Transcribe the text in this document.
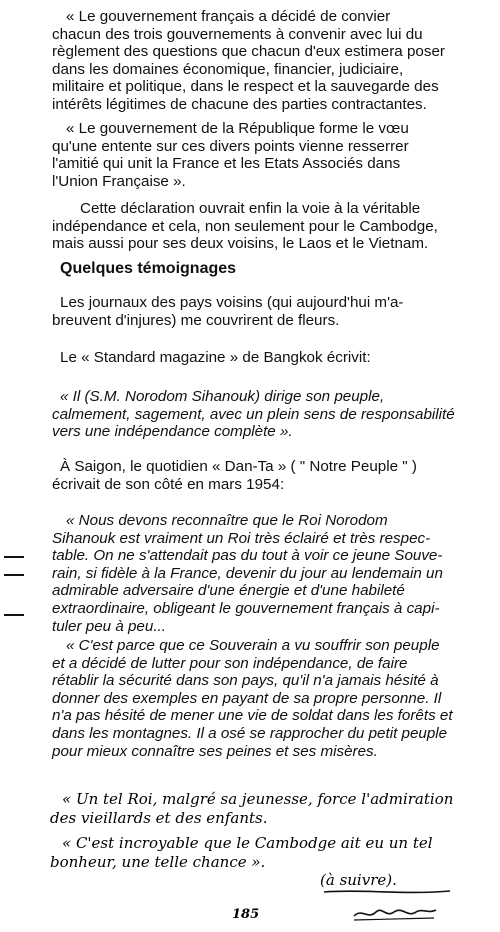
« Le gouvernement français a décidé de convier
chacun des trois gouvernements à convenir avec lui du
règlement des questions que chacun d'eux estimera poser
dans les domaines économique, financier, judiciaire,
militaire et politique, dans le respect et la sauvegarde des
intérêts légitimes de chacune des parties contractantes.

« Le gouvernement de la République forme le vœu
qu'une entente sur ces divers points vienne resserrer
l'amitié qui unit la France et les Etats Associés dans
l'Union Française ».

Cette déclaration ouvrait enfin la voie à la véritable
indépendance et cela, non seulement pour le Cambodge,
mais aussi pour ses deux voisins, le Laos et le Vietnam.

Quelques témoignages

Les journaux des pays voisins (qui aujourd'hui m'a-
breuvent d'injures) me couvrirent de fleurs.

Le « Standard magazine » de Bangkok écrivit:

« Il (S.M. Norodom Sihanouk) dirige son peuple,
calmement, sagement, avec un plein sens de responsabilité
vers une indépendance complète ».

À Saigon, le quotidien « Dan-Ta » ( " Notre Peuple " )
écrivait de son côté en mars 1954:

« Nous devons reconnaître que le Roi Norodom
Sihanouk est vraiment un Roi très éclairé et très respec-
table. On ne s'attendait pas du tout à voir ce jeune Souve-
rain, si fidèle à la France, devenir du jour au lendemain un
admirable adversaire d'une énergie et d'une habileté
extraordinaire, obligeant le gouvernement français à capi-
tuler peu à peu...

« C'est parce que ce Souverain a vu souffrir son peuple
et a décidé de lutter pour son indépendance, de faire
rétablir la sécurité dans son pays, qu'il n'a jamais hésité à
donner des exemples en payant de sa propre personne. Il
n'a pas hésité de mener une vie de soldat dans les forêts et
dans les montagnes. Il a osé se rapprocher du petit peuple
pour mieux connaître ses peines et ses misères.

« Un tel Roi, malgré sa jeunesse, force l'admiration
des vieillards et des enfants.

« C'est incroyable que le Cambodge ait eu un tel
bonheur, une telle chance ».

(à suivre).
185
